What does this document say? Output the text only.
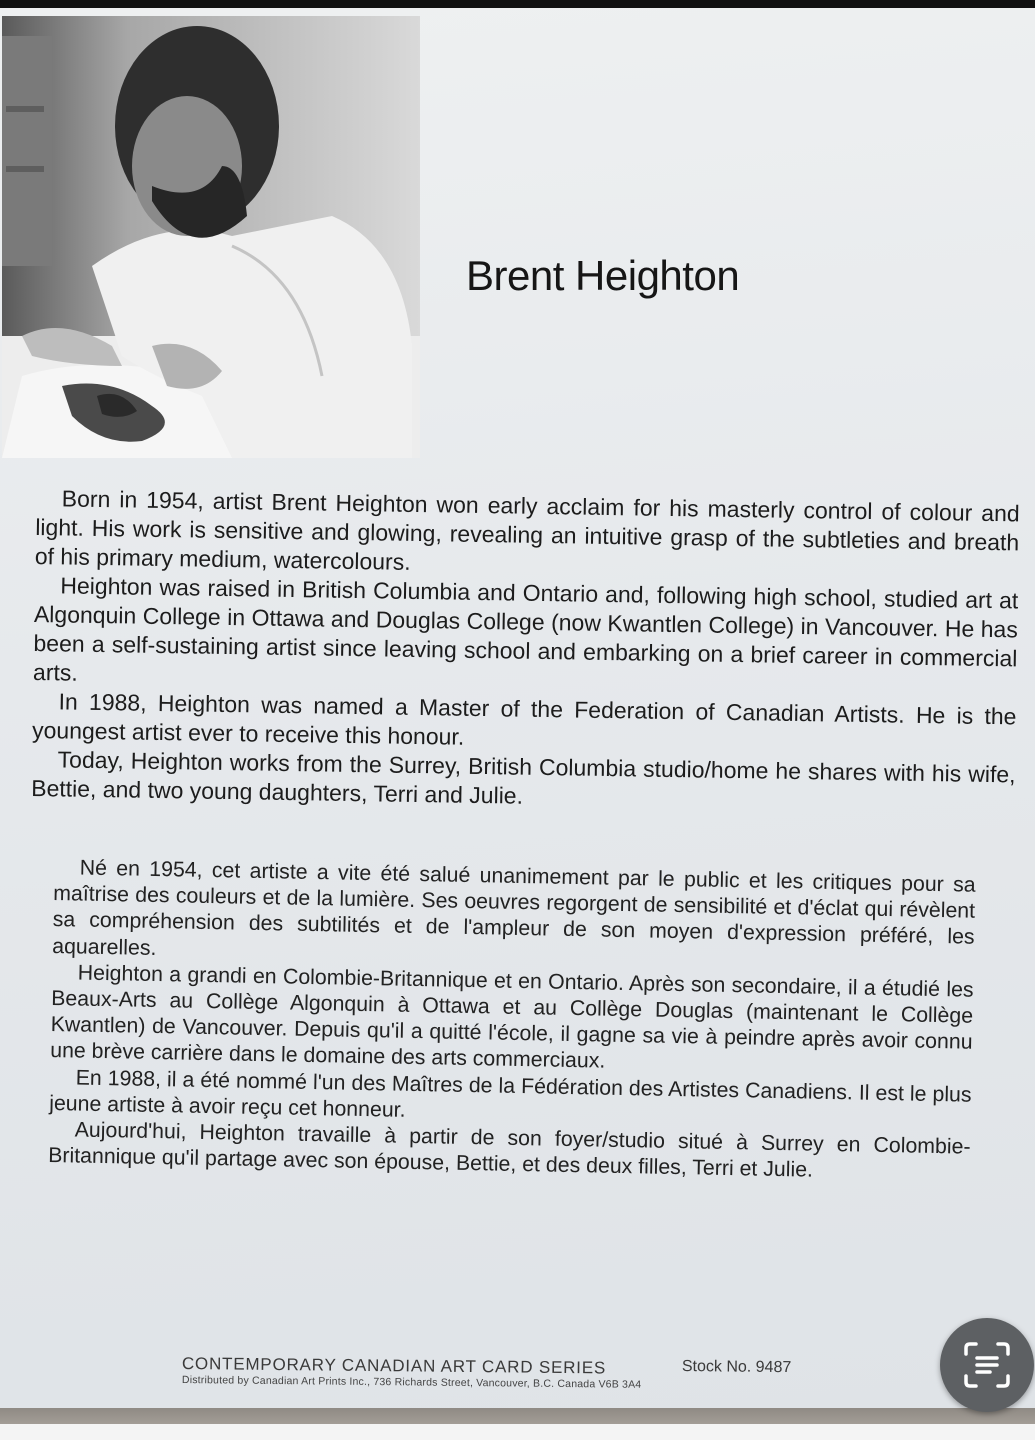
Brent Heighton

Born in 1954, artist Brent Heighton won early acclaim for his masterly control of colour and light. His work is sensitive and glowing, revealing an intuitive grasp of the subtleties and breath of his primary medium, watercolours.

Heighton was raised in British Columbia and Ontario and, following high school, studied art at Algonquin College in Ottawa and Douglas College (now Kwantlen College) in Vancouver. He has been a self-sustaining artist since leaving school and embarking on a brief career in commercial arts.

In 1988, Heighton was named a Master of the Federation of Canadian Artists. He is the youngest artist ever to receive this honour.

Today, Heighton works from the Surrey, British Columbia studio/home he shares with his wife, Bettie, and two young daughters, Terri and Julie.

Né en 1954, cet artiste a vite été salué unanimement par le public et les critiques pour sa maîtrise des couleurs et de la lumière. Ses oeuvres regorgent de sensibilité et d'éclat qui révèlent sa compréhension des subtilités et de l'ampleur de son moyen d'expression préféré, les aquarelles.

Heighton a grandi en Colombie-Britannique et en Ontario. Après son secondaire, il a étudié les Beaux-Arts au Collège Algonquin à Ottawa et au Collège Douglas (maintenant le Collège Kwantlen) de Vancouver. Depuis qu'il a quitté l'école, il gagne sa vie à peindre après avoir connu une brève carrière dans le domaine des arts commerciaux.

En 1988, il a été nommé l'un des Maîtres de la Fédération des Artistes Canadiens. Il est le plus jeune artiste à avoir reçu cet honneur.

Aujourd'hui, Heighton travaille à partir de son foyer/studio situé à Surrey en Colombie-Britannique qu'il partage avec son épouse, Bettie, et des deux filles, Terri et Julie.

CONTEMPORARY CANADIAN ART CARD SERIES	Stock No. 9487
Distributed by Canadian Art Prints Inc., 736 Richards Street, Vancouver, B.C. Canada V6B 3A4
